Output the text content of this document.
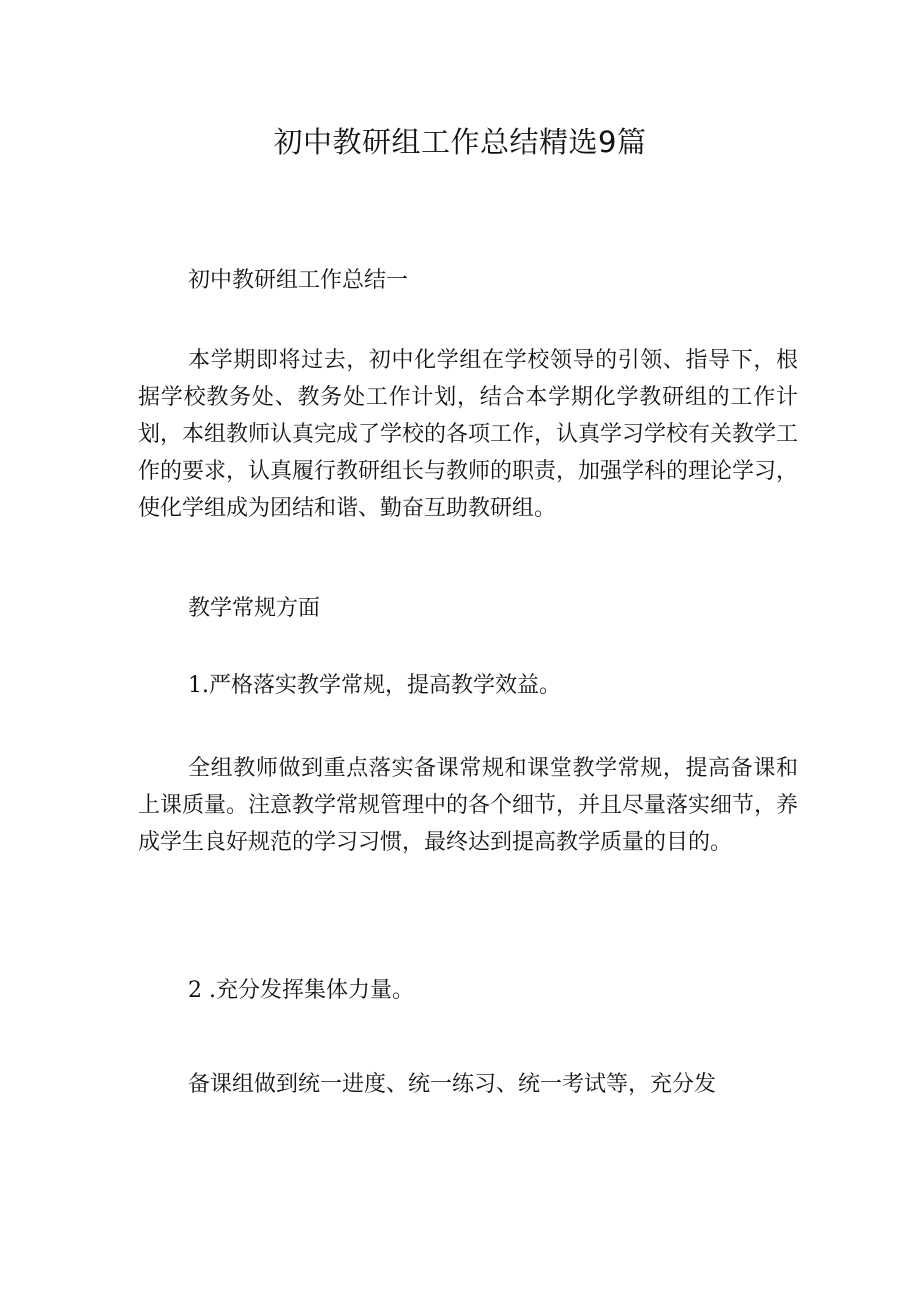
初中教研组工作总结精选9篇

初中教研组工作总结一

本学期即将过去，初中化学组在学校领导的引领、指导下，根据学校教务处、教务处工作计划，结合本学期化学教研组的工作计划，本组教师认真完成了学校的各项工作，认真学习学校有关教学工作的要求，认真履行教研组长与教师的职责，加强学科的理论学习，使化学组成为团结和谐、勤奋互助教研组。

教学常规方面

1.严格落实教学常规，提高教学效益。

全组教师做到重点落实备课常规和课堂教学常规，提高备课和上课质量。注意教学常规管理中的各个细节，并且尽量落实细节，养成学生良好规范的学习习惯，最终达到提高教学质量的目的。

2 .充分发挥集体力量。

备课组做到统一进度、统一练习、统一考试等，充分发
